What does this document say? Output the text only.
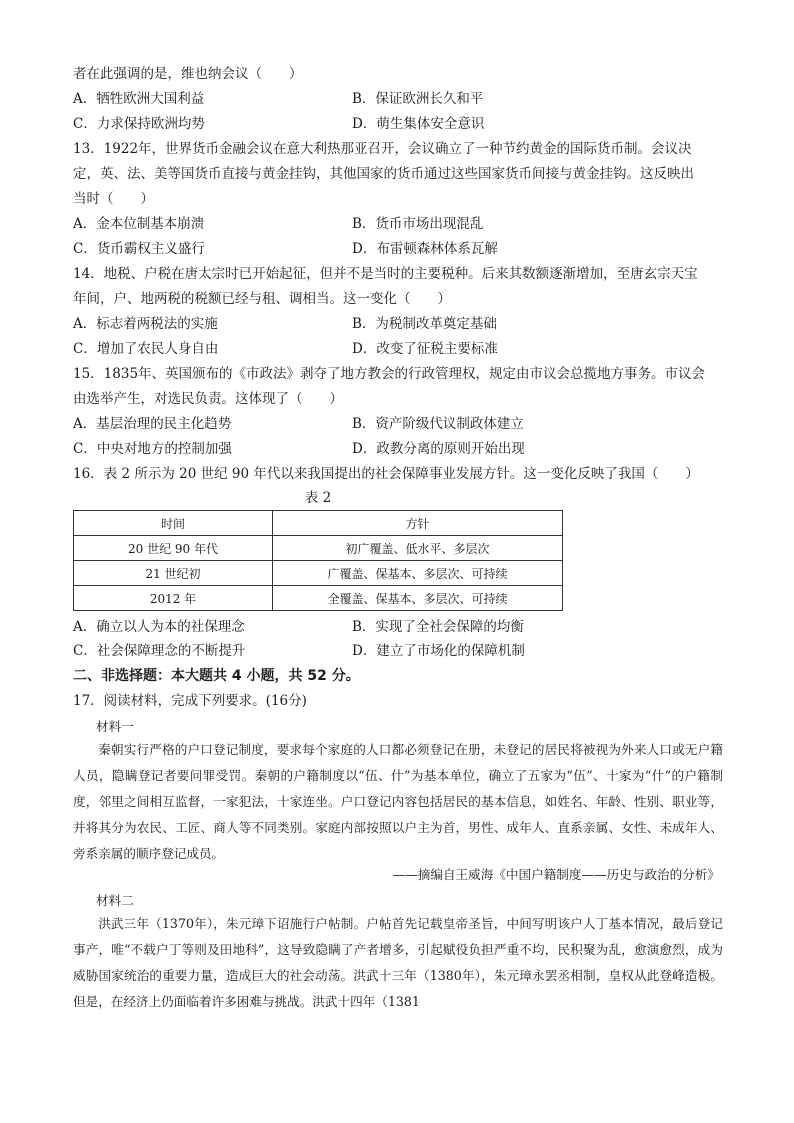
者在此强调的是，维也纳会议（　　）
A．牺牲欧洲大国利益	B．保证欧洲长久和平
C．力求保持欧洲均势	D．萌生集体安全意识
13．1922年，世界货币金融会议在意大利热那亚召开，会议确立了一种节约黄金的国际货币制。会议决
定，英、法、美等国货币直接与黄金挂钩，其他国家的货币通过这些国家货币间接与黄金挂钩。这反映出
当时（　　）
A．金本位制基本崩溃	B．货币市场出现混乱
C．货币霸权主义盛行	D．布雷顿森林体系瓦解
14．地税、户税在唐太宗时已开始起征，但并不是当时的主要税种。后来其数额逐渐增加，至唐玄宗天宝
年间，户、地两税的税额已经与租、调相当。这一变化（　　）
A．标志着两税法的实施	B．为税制改革奠定基础
C．增加了农民人身自由	D．改变了征税主要标准
15．1835年、英国颁布的《市政法》剥夺了地方教会的行政管理权，规定由市议会总揽地方事务。市议会
由选举产生，对选民负责。这体现了（　　）
A．基层治理的民主化趋势	B．资产阶级代议制政体建立
C．中央对地方的控制加强	D．政教分离的原则开始出现
16．表 2 所示为 20 世纪 90 年代以来我国提出的社会保障事业发展方针。这一变化反映了我国（　　）
表 2
时间	方针
20 世纪 90 年代	初广覆盖、低水平、多层次
21 世纪初	广覆盖、保基本、多层次、可持续
2012 年	全覆盖、保基本、多层次、可持续
A．确立以人为本的社保理念	B．实现了全社会保障的均衡
C．社会保障理念的不断提升	D．建立了市场化的保障机制
二、非选择题：本大题共 4 小题，共 52 分。
17．阅读材料，完成下列要求。(16分)
材料一
秦朝实行严格的户口登记制度，要求每个家庭的人口都必须登记在册，未登记的居民将被视为外来人口或无户籍人员，隐瞒登记者要问罪受罚。秦朝的户籍制度以“伍、什”为基本单位，确立了五家为“伍”、十家为“什”的户籍制度，邻里之间相互监督，一家犯法，十家连坐。户口登记内容包括居民的基本信息，如姓名、年龄、性别、职业等，并将其分为农民、工匠、商人等不同类别。家庭内部按照以户主为首，男性、成年人、直系亲属、女性、未成年人、旁系亲属的顺序登记成员。
——摘编自王威海《中国户籍制度——历史与政治的分析》
材料二
洪武三年（1370年），朱元璋下诏施行户帖制。户帖首先记载皇帝圣旨，中间写明该户人丁基本情况，最后登记事产，唯“不载户丁等则及田地科”，这导致隐瞒了产者增多，引起赋役负担严重不均，民积聚为乱，愈演愈烈，成为威胁国家统治的重要力量，造成巨大的社会动荡。洪武十三年（1380年），朱元璋永罢丞相制，皇权从此登峰造极。但是，在经济上仍面临着许多困难与挑战。洪武十四年（1381
